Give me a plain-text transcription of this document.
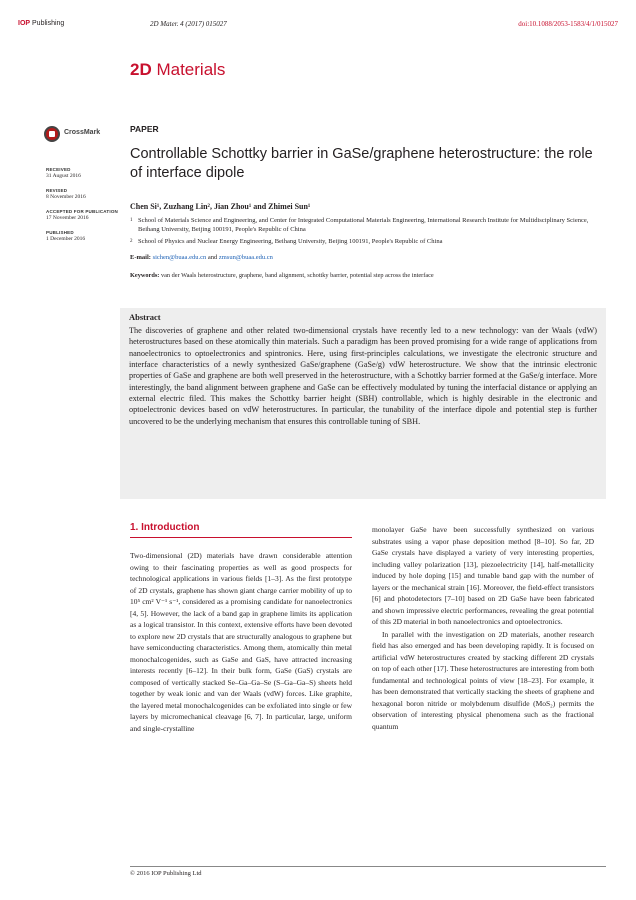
IOP Publishing	2D Mater. 4 (2017) 015027	doi:10.1088/2053-1583/4/1/015027
2D Materials
CrossMark
RECEIVED
31 August 2016
REVISED
8 November 2016
ACCEPTED FOR PUBLICATION
17 November 2016
PUBLISHED
1 December 2016
PAPER
Controllable Schottky barrier in GaSe/graphene heterostructure: the role of interface dipole
Chen Si¹, Zuzhang Lin², Jian Zhou¹ and Zhimei Sun¹
1 School of Materials Science and Engineering, and Center for Integrated Computational Materials Engineering, International Research Institute for Multidisciplinary Science, Beihang University, Beijing 100191, People's Republic of China
2 School of Physics and Nuclear Energy Engineering, Beihang University, Beijing 100191, People's Republic of China
E-mail: sichen@buaa.edu.cn and zmsun@buaa.edu.cn
Keywords: van der Waals heterostructure, graphene, band alignment, schottky barrier, potential step across the interface
Abstract
The discoveries of graphene and other related two-dimensional crystals have recently led to a new technology: van der Waals (vdW) heterostructures based on these atomically thin materials. Such a paradigm has been proved promising for a wide range of applications from nanoelectronics to optoelectronics and spintronics. Here, using first-principles calculations, we investigate the electronic structure and interface characteristics of a newly synthesized GaSe/graphene (GaSe/g) vdW heterostructure. We show that the intrinsic electronic properties of GaSe and graphene are both well preserved in the heterostructure, with a Schottky barrier formed at the GaSe/g interface. More interestingly, the band alignment between graphene and GaSe can be effectively modulated by tuning the interfacial distance or applying an external electric filed. This makes the Schottky barrier height (SBH) controllable, which is highly desirable in the electronic and optoelectronic devices based on vdW heterostructures. In particular, the tunability of the interface dipole and potential step is further uncovered to be the underlying mechanism that ensures this controllable tuning of SBH.
1. Introduction

Two-dimensional (2D) materials have drawn considerable attention owing to their fascinating properties as well as good prospects for technological applications in various fields [1–3]. As the first prototype of 2D crystals, graphene has shown giant charge carrier mobility of up to 10⁵ cm² V⁻¹ s⁻¹, considered as a promising candidate for nanoelectronics [4, 5]. However, the lack of a band gap in graphene limits its application as a logical transistor. In this context, extensive efforts have been devoted to explore new 2D crystals that are structurally analogous to graphene but have semiconducting characteristics. Among them, atomically thin metal monochalcogenides, such as GaSe and GaS, have attracted increasing interests recently [6–12]. In their bulk form, GaSe (GaS) crystals are composed of vertically stacked Se–Ga–Ga–Se (S–Ga–Ga–S) sheets held together by weak ionic and van der Waals (vdW) forces. Like graphite, the layered metal monochalcogenides can be exfoliated into single or few layers by micromechanical cleavage [6, 7]. In particular, large, uniform and single-crystalline

monolayer GaSe have been successfully synthesized on various substrates using a vapor phase deposition method [8–10]. So far, 2D GaSe crystals have displayed a variety of very interesting properties, including valley polarization [13], piezoelectricity [14], half-metallicity induced by hole doping [15] and tunable band gap with the number of layers or the mechanical strain [16]. Moreover, the field-effect transistors [6] and photodetectors [7–10] based on 2D GaSe have been fabricated and shown impressive electric performances, revealing the great potential of this 2D material in both nanoelectronics and optoelectronics.

In parallel with the investigation on 2D materials, another research field has also emerged and has been developing rapidly. It is focused on artificial vdW heterostructures created by stacking different 2D crystals on top of each other [17]. These heterostructures are interesting from both fundamental and technological points of view [18–23]. For example, it has been demonstrated that vertically stacking the sheets of graphene and hexagonal boron nitride or molybdenum disulfide (MoS₂) permits the observation of interesting physical phenomena such as the fractional quantum

© 2016 IOP Publishing Ltd
